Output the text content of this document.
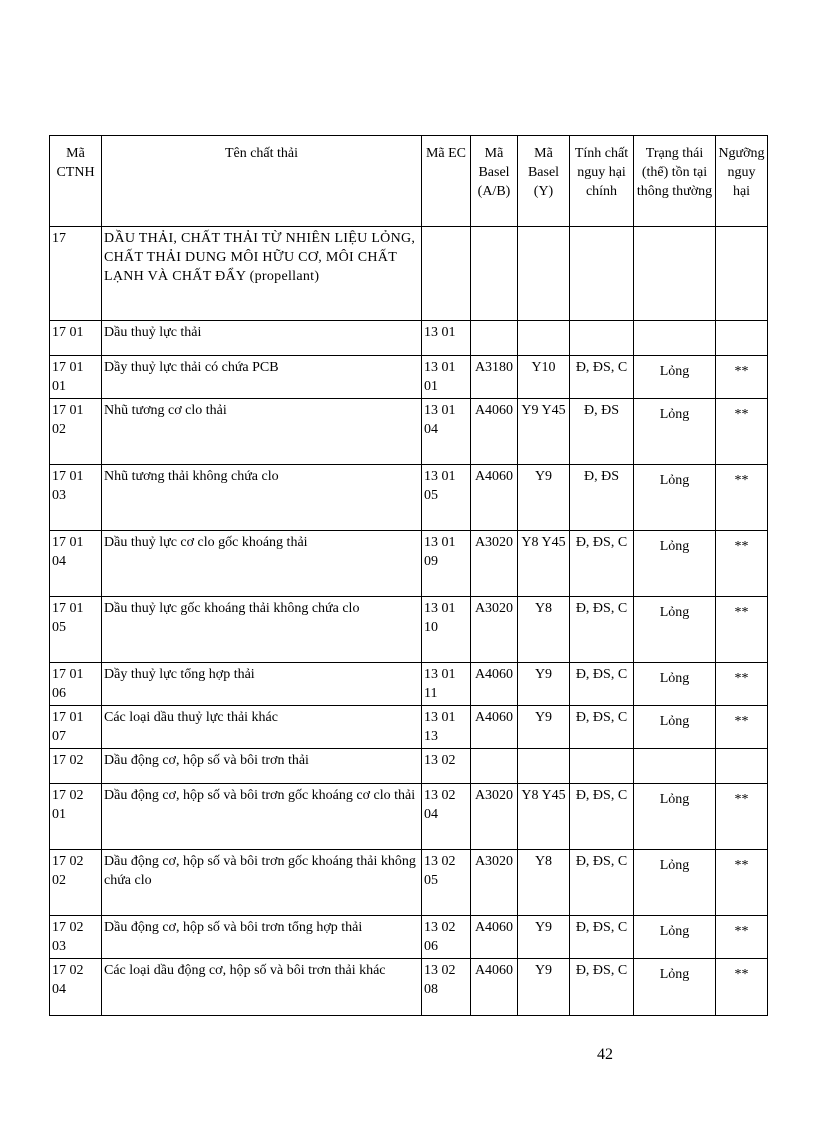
Mã CTNH	Tên chất thải	Mã EC	Mã Basel (A/B)	Mã Basel (Y)	Tính chất nguy hại chính	Trạng thái (thể) tồn tại thông thường	Ngưỡng nguy hại
17	DẦU THẢI, CHẤT THẢI TỪ NHIÊN LIỆU LỎNG, CHẤT THẢI DUNG MÔI HỮU CƠ, MÔI CHẤT LẠNH VÀ CHẤT ĐẨY (propellant)						
17 01	Dầu thuỷ lực thải	13 01					
17 01 01	Dầy thuỷ lực thải có chứa PCB	13 01 01	A3180	Y10	Đ, ĐS, C	Lỏng	**
17 01 02	Nhũ tương cơ clo thải	13 01 04	A4060	Y9 Y45	Đ, ĐS	Lỏng	**
17 01 03	Nhũ tương thải không chứa clo	13 01 05	A4060	Y9	Đ, ĐS	Lỏng	**
17 01 04	Dầu thuỷ lực cơ clo gốc khoáng thải	13 01 09	A3020	Y8 Y45	Đ, ĐS, C	Lỏng	**
17 01 05	Dầu thuỷ lực gốc khoáng thải không chứa clo	13 01 10	A3020	Y8	Đ, ĐS, C	Lỏng	**
17 01 06	Dầy thuỷ lực tổng hợp thải	13 01 11	A4060	Y9	Đ, ĐS, C	Lỏng	**
17 01 07	Các loại dầu thuỷ lực thải khác	13 01 13	A4060	Y9	Đ, ĐS, C	Lỏng	**
17 02	Dầu động cơ, hộp số và bôi trơn thải	13 02					
17 02 01	Dầu động cơ, hộp số và bôi trơn gốc khoáng cơ clo thải	13 02 04	A3020	Y8 Y45	Đ, ĐS, C	Lỏng	**
17 02 02	Dầu động cơ, hộp số và bôi trơn gốc khoáng thải không chứa clo	13 02 05	A3020	Y8	Đ, ĐS, C	Lỏng	**
17 02 03	Dầu động cơ, hộp số và bôi trơn tổng hợp thải	13 02 06	A4060	Y9	Đ, ĐS, C	Lỏng	**
17 02 04	Các loại dầu động cơ, hộp số và bôi trơn thải khác	13 02 08	A4060	Y9	Đ, ĐS, C	Lỏng	**
42
